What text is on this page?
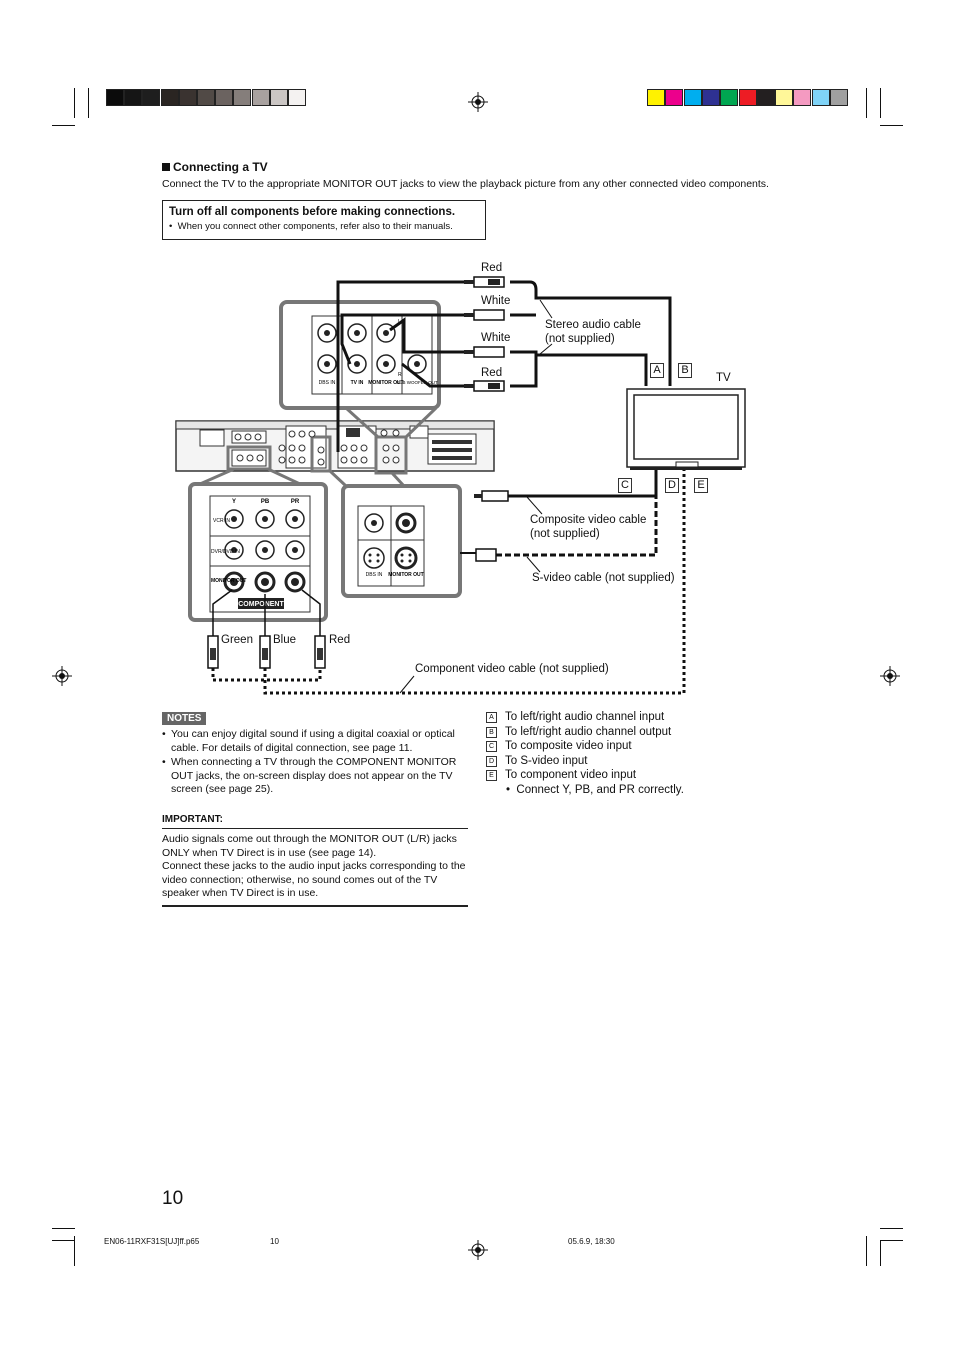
Connecting a TV
Connect the TV to the appropriate MONITOR OUT jacks to view the playback picture from any other connected video components.
Turn off all components before making connections.
•  When you connect other components, refer also to their manuals.
DBS IN	TV IN MONITOR OUT
SUB WOOFER OUT
L
R
Y	PB	PR
VCR IN
DVR/DVD IN
MONITOR OUT
COMPONENT
DBS IN MONITOR OUT
Red
White
White
Red
Stereo audio cable
(not supplied)
TV
Composite video cable
(not supplied)
S-video cable (not supplied)
Green Blue	Red
Component video cable (not supplied)
A	B
C	D	E
NOTES
• You can enjoy digital sound if using a digital coaxial or optical cable. For details of digital connection, see page 11.
• When connecting a TV through the COMPONENT MONITOR OUT jacks, the on-screen display does not appear on the TV screen (see page 25).
A To left/right audio channel input
B To left/right audio channel output
C To composite video input
D To S-video input
E To component video input
•  Connect Y, PB, and PR correctly.
IMPORTANT:
Audio signals come out through the MONITOR OUT (L/R) jacks ONLY when TV Direct is in use (see page 14).
Connect these jacks to the audio input jacks corresponding to the video connection; otherwise, no sound comes out of the TV speaker when TV Direct is in use.
10
EN06-11RXF31S[UJ]ff.p65	10	05.6.9, 18:30
